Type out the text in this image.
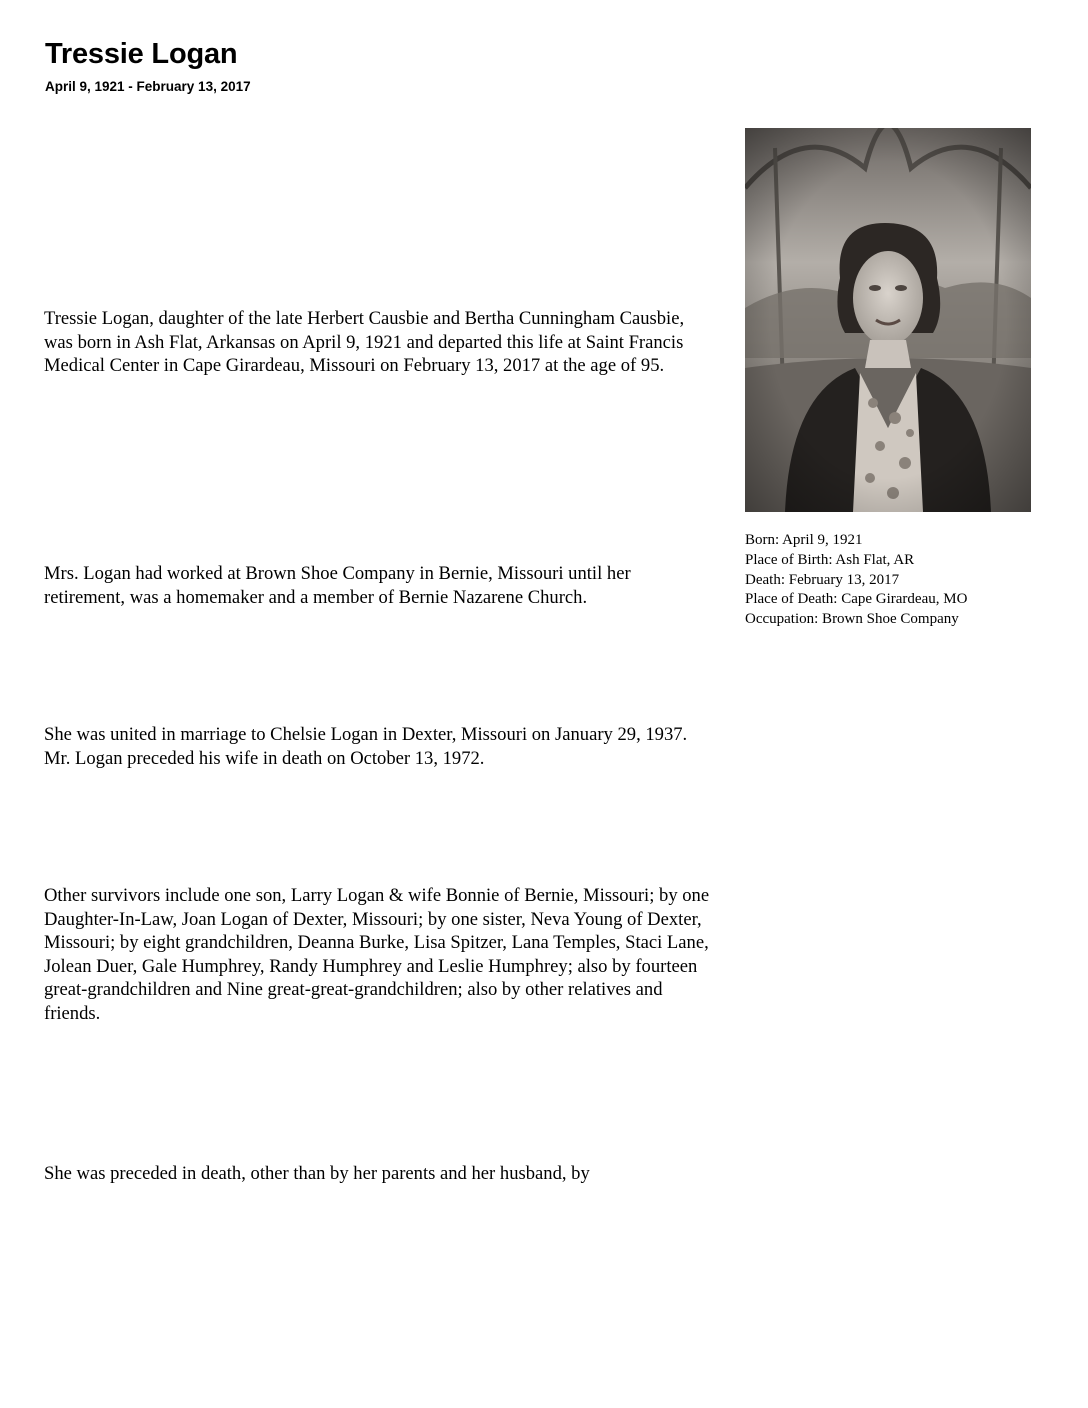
Tressie Logan
April 9, 1921 - February 13, 2017

Tressie Logan, daughter of the late Herbert Causbie and Bertha Cunningham Causbie, was born in Ash Flat, Arkansas on April 9, 1921 and departed this life at Saint Francis Medical Center in Cape Girardeau, Missouri on February 13, 2017 at the age of 95.

Mrs. Logan had worked at Brown Shoe Company in Bernie, Missouri until her retirement, was a homemaker and a member of Bernie Nazarene Church.

She was united in marriage to Chelsie Logan in Dexter, Missouri on January 29, 1937. Mr. Logan preceded his wife in death on October 13, 1972.

Other survivors include one son, Larry Logan & wife Bonnie of Bernie, Missouri; by one Daughter-In-Law, Joan Logan of Dexter, Missouri; by one sister, Neva Young of Dexter, Missouri; by eight grandchildren, Deanna Burke, Lisa Spitzer, Lana Temples, Staci Lane, Jolean Duer, Gale Humphrey, Randy Humphrey and Leslie Humphrey; also by fourteen great-grandchildren and Nine great-great-grandchildren; also by other relatives and friends.

She was preceded in death, other than by her parents and her husband, by

Born: April 9, 1921
Place of Birth: Ash Flat, AR
Death: February 13, 2017
Place of Death: Cape Girardeau, MO
Occupation: Brown Shoe Company
